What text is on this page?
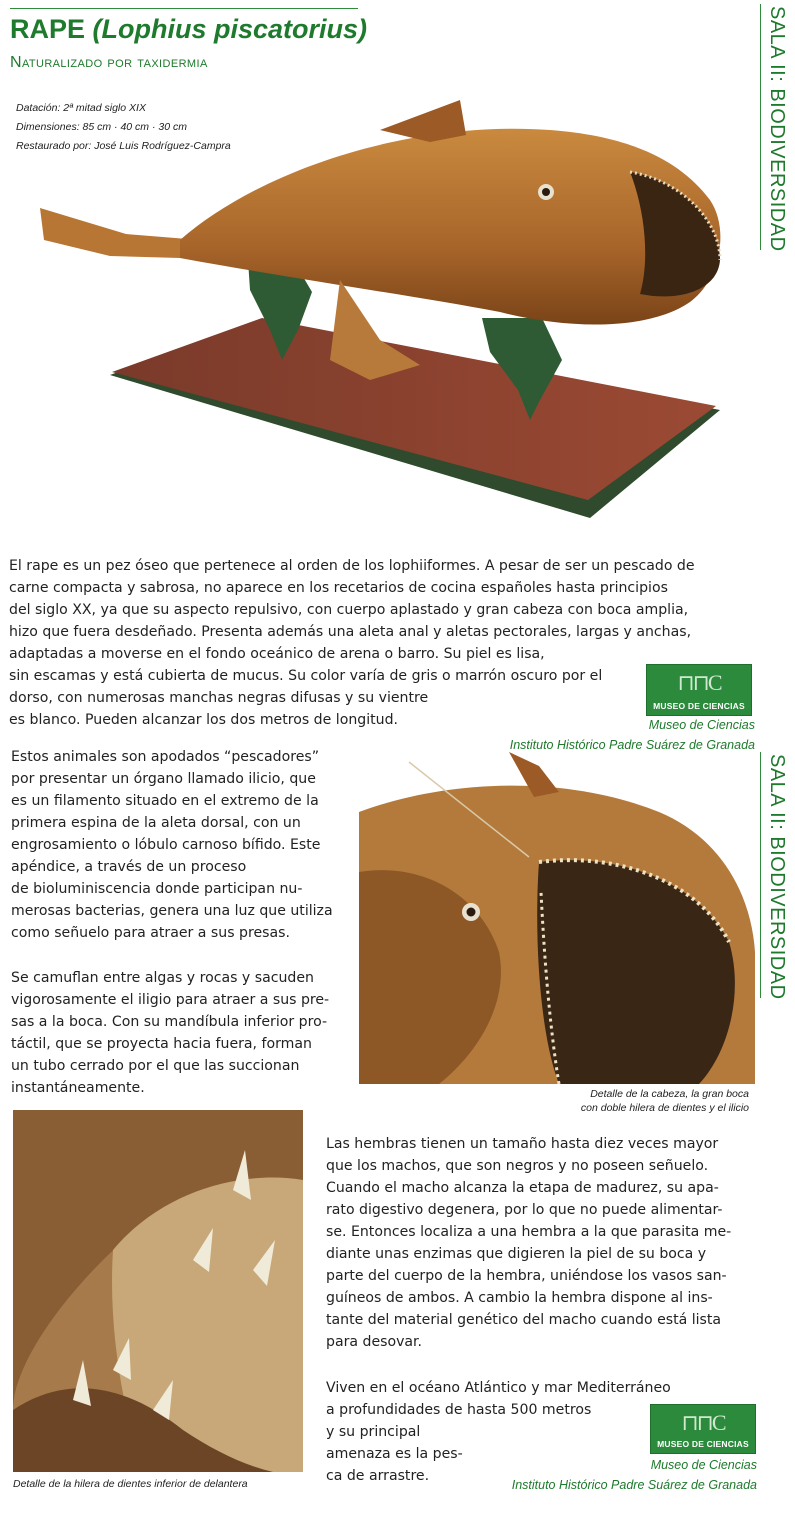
RAPE (Lophius piscatorius)
Naturalizado por taxidermia
Datación: 2ª mitad siglo XIX
Dimensiones: 85 cm · 40 cm · 30 cm
Restaurado por: José Luis Rodríguez-Campra	SALA II: BIODIVERSIDAD
SALA II: BIODIVERSIDAD
El rape es un pez óseo que pertenece al orden de los lophiiformes. A pesar de ser un pescado de
carne compacta y sabrosa, no aparece en los recetarios de cocina españoles hasta principios
del siglo XX, ya que su aspecto repulsivo, con cuerpo aplastado y gran cabeza con boca amplia,
hizo que fuera desdeñado. Presenta además una aleta anal y aletas pectorales, largas y anchas,
adaptadas a moverse en el fondo oceánico de arena o barro. Su piel es lisa,
sin escamas y está cubierta de mucus. Su color varía de gris o marrón oscuro por el
dorso, con numerosas manchas negras difusas y su vientre
es blanco. Pueden alcanzar los dos metros de longitud.
⊓⊓C
MUSEO DE CIENCIAS
Museo de Ciencias
Instituto Histórico Padre Suárez de Granada
Estos animales son apodados “pescadores”
por presentar un órgano llamado ilicio, que
es un filamento situado en el extremo de la
primera espina de la aleta dorsal, con un
engrosamiento o lóbulo carnoso bífido. Este
apéndice, a través de un proceso
de bioluminiscencia donde participan nu-
merosas bacterias, genera una luz que utiliza
como señuelo para atraer a sus presas.
Se camuflan entre algas y rocas y sacuden
vigorosamente el iligio para atraer a sus pre-
sas a la boca. Con su mandíbula inferior pro-
táctil, que se proyecta hacia fuera, forman
un tubo cerrado por el que las succionan
instantáneamente.	Detalle de la cabeza, la gran boca
con doble hilera de dientes y el ilicio
Detalle de la hilera de dientes inferior de delantera
Las hembras tienen un tamaño hasta diez veces mayor
que los machos, que son negros y no poseen señuelo.
Cuando el macho alcanza la etapa de madurez, su apa-
rato digestivo degenera, por lo que no puede alimentar-
se. Entonces localiza a una hembra a la que parasita me-
diante unas enzimas que digieren la piel de su boca y
parte del cuerpo de la hembra, uniéndose los vasos san-
guíneos de ambos. A cambio la hembra dispone al ins-
tante del material genético del macho cuando está lista
para desovar.
Viven en el océano Atlántico y mar Mediterráneo
a profundidades de hasta 500 metros
y su principal
amenaza es la pes-
ca de arrastre.
⊓⊓C
MUSEO DE CIENCIAS
Museo de Ciencias
Instituto Histórico Padre Suárez de Granada
